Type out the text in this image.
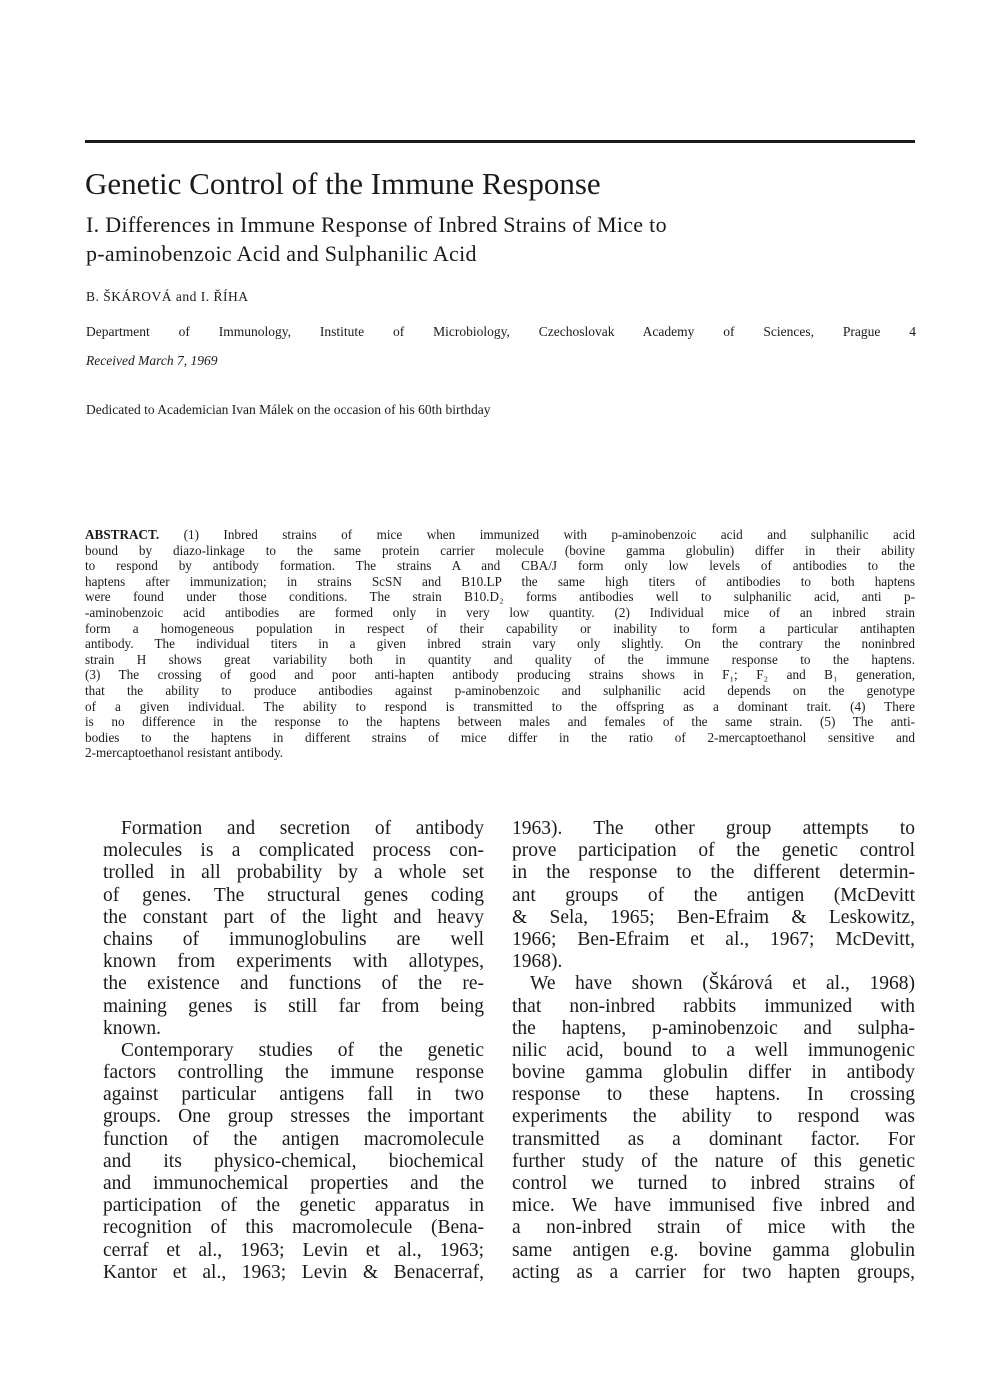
Genetic Control of the Immune Response
I. Differences in Immune Response of Inbred Strains of Mice to
p-aminobenzoic Acid and Sulphanilic Acid
B. ŠKÁROVÁ and I. ŘÍHA
Department of Immunology, Institute of Microbiology, Czechoslovak Academy of Sciences, Prague 4
Received March 7, 1969
Dedicated to Academician Ivan Málek on the occasion of his 60th birthday
ABSTRACT. (1) Inbred strains of mice when immunized with p-aminobenzoic acid and sulphanilic acid
bound by diazo-linkage to the same protein carrier molecule (bovine gamma globulin) differ in their ability
to respond by antibody formation. The strains A and CBA/J form only low levels of antibodies to the
haptens after immunization; in strains ScSN and B10.LP the same high titers of antibodies to both haptens
were found under those conditions. The strain B10.D₂ forms antibodies well to sulphanilic acid, anti p-
-aminobenzoic acid antibodies are formed only in very low quantity. (2) Individual mice of an inbred strain
form a homogeneous population in respect of their capability or inability to form a particular antihapten
antibody. The individual titers in a given inbred strain vary only slightly. On the contrary the noninbred
strain H shows great variability both in quantity and quality of the immune response to the haptens.
(3) The crossing of good and poor anti-hapten antibody producing strains shows in F₁; F₂ and B₁ generation,
that the ability to produce antibodies against p-aminobenzoic and sulphanilic acid depends on the genotype
of a given individual. The ability to respond is transmitted to the offspring as a dominant trait. (4) There
is no difference in the response to the haptens between males and females of the same strain. (5) The anti-
bodies to the haptens in different strains of mice differ in the ratio of 2-mercaptoethanol sensitive and
2-mercaptoethanol resistant antibody.
Formation and secretion of antibody
molecules is a complicated process con-
trolled in all probability by a whole set
of genes. The structural genes coding
the constant part of the light and heavy
chains of immunoglobulins are well
known from experiments with allotypes,
the existence and functions of the re-
maining genes is still far from being
known.
Contemporary studies of the genetic
factors controlling the immune response
against particular antigens fall in two
groups. One group stresses the important
function of the antigen macromolecule
and its physico-chemical, biochemical
and immunochemical properties and the
participation of the genetic apparatus in
recognition of this macromolecule (Bena-
cerraf et al., 1963; Levin et al., 1963;
Kantor et al., 1963; Levin & Benacerraf,
1963). The other group attempts to
prove participation of the genetic control
in the response to the different determin-
ant groups of the antigen (McDevitt
& Sela, 1965; Ben-Efraim & Leskowitz,
1966; Ben-Efraim et al., 1967; McDevitt,
1968).
We have shown (Škárová et al., 1968)
that non-inbred rabbits immunized with
the haptens, p-aminobenzoic and sulpha-
nilic acid, bound to a well immunogenic
bovine gamma globulin differ in antibody
response to these haptens. In crossing
experiments the ability to respond was
transmitted as a dominant factor. For
further study of the nature of this genetic
control we turned to inbred strains of
mice. We have immunised five inbred and
a non-inbred strain of mice with the
same antigen e.g. bovine gamma globulin
acting as a carrier for two hapten groups,
